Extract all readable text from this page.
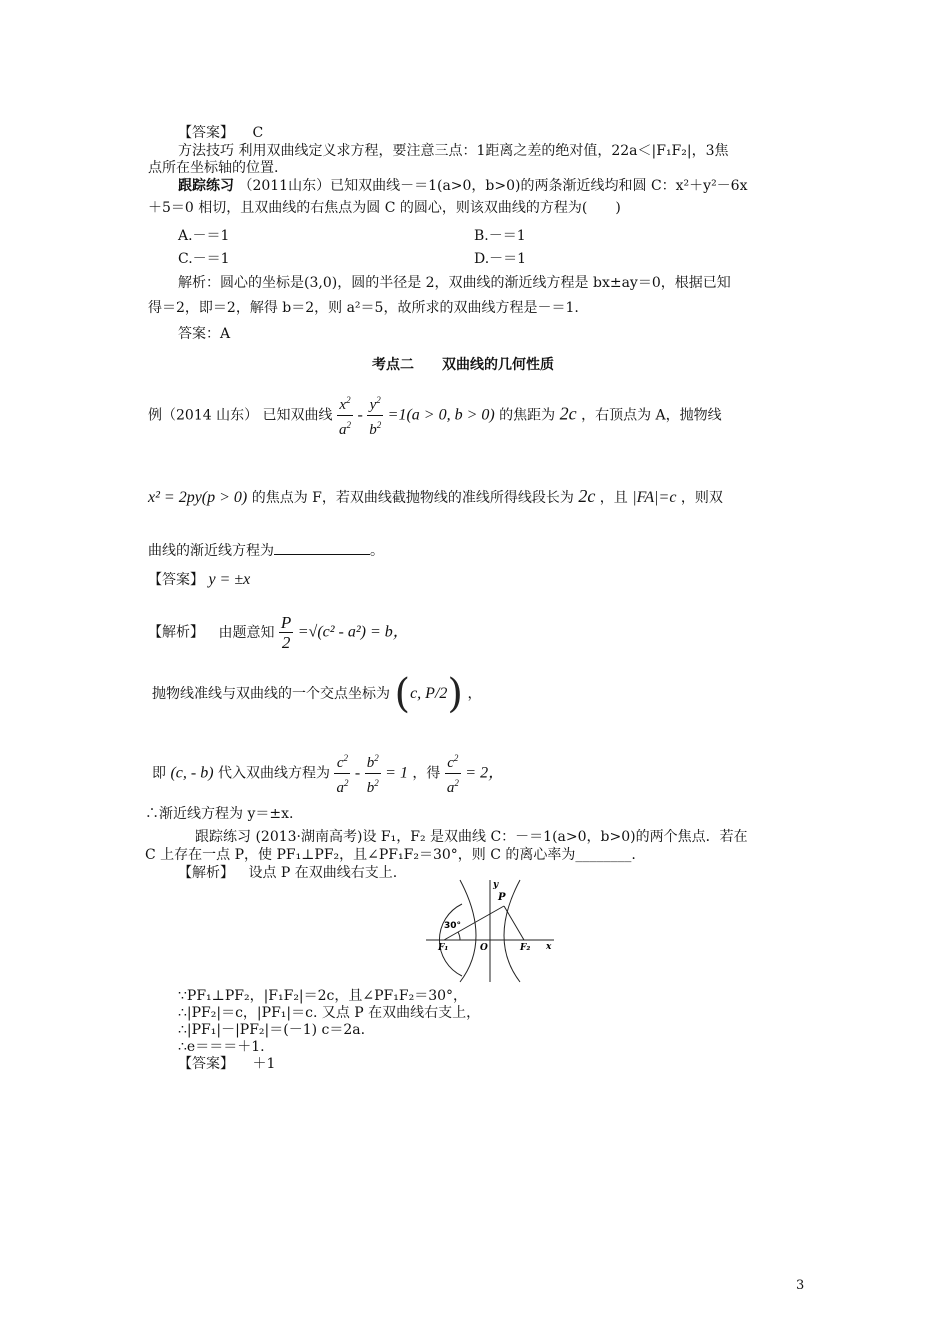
【答案】 C
方法技巧 利用双曲线定义求方程，要注意三点：1距离之差的绝对值，22a＜|F₁F₂|，3焦
点所在坐标轴的位置.
跟踪练习 （2011山东）已知双曲线－＝1(a>0，b>0)的两条渐近线均和圆 C：x²＋y²－6x
＋5＝0 相切，且双曲线的右焦点为圆 C 的圆心，则该双曲线的方程为(　　)
A.－＝1	B.－＝1
C.－＝1	D.－＝1
解析：圆心的坐标是(3,0)，圆的半径是 2，双曲线的渐近线方程是 bx±ay＝0，根据已知
得＝2，即＝2，解得 b＝2，则 a²＝5，故所求的双曲线方程是－＝1.
答案：A
考点二　　双曲线的几何性质
例（2014 山东） 已知双曲线 $\frac{x^2}{a^2} - \frac{y^2}{b^2} =1(a > 0$, b > 0) 的焦距为 2c ，右顶点为 A，抛物线
x² = 2py(p > 0) 的焦点为 F，若双曲线截抛物线的准线所得线段长为 2c ，且 |FA|=c ，则双
曲线的渐近线方程为	。
【答案】 y = ±x
【解析】 由题意知 $\frac{P}{2} =√(c^2 - a^2) = b$，
抛物线准线与双曲线的一个交点坐标为 (c, P/2) ，
即 (c, - b) 代入双曲线方程为 $\frac{c^2}{a^2} - \frac{b^2}{b^2} = 1$ ，得 $\frac{c^2}{a^2} = 2$，
∴渐近线方程为 y＝±x.
跟踪练习 (2013·湖南高考)设 F₁，F₂ 是双曲线 C：－＝1(a>0，b>0)的两个焦点．若在
C 上存在一点 P，使 PF₁⊥PF₂，且∠PF₁F₂＝30°，则 C 的离心率为________.
【解析】 设点 P 在双曲线右支上.
30°
P
y
x
O
F₁	F₂
∵PF₁⊥PF₂，|F₁F₂|＝2c，且∠PF₁F₂＝30°，
∴|PF₂|＝c，|PF₁|＝c. 又点 P 在双曲线右支上，
∴|PF₁|－|PF₂|＝(－1) c＝2a.
∴e＝＝＝＋1.
【答案】 ＋1
3
